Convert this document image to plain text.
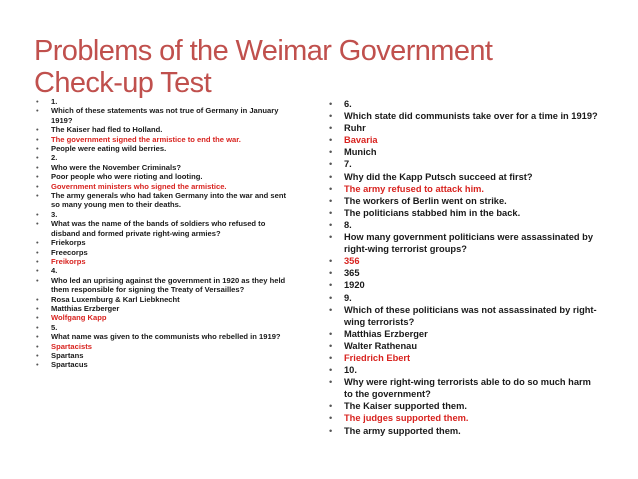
Problems of the Weimar Government
Check-up Test
• 1.
• Which of these statements was not true of Germany in January
1919?
• The Kaiser had fled to Holland.
• The government signed the armistice to end the war.
• People were eating wild berries.
• 2.
• Who were the November Criminals?
• Poor people who were rioting and looting.
• Government ministers who signed the armistice.
• The army generals who had taken Germany into the war and sent
so many young men to their deaths.
• 3.
• What was the name of the bands of soldiers who refused to
disband and formed private right-wing armies?
• Friekorps
• Freecorps
• Freikorps
• 4.
• Who led an uprising against the government in 1920 as they held
them responsible for signing the Treaty of Versailles?
• Rosa Luxemburg & Karl Liebknecht
• Matthias Erzberger
• Wolfgang Kapp
• 5.
• What name was given to the communists who rebelled in 1919?
• Spartacists
• Spartans
• Spartacus
• 6.
• Which state did communists take over for a time in 1919?
• Ruhr
• Bavaria
• Munich
• 7.
• Why did the Kapp Putsch succeed at first?
• The army refused to attack him.
• The workers of Berlin went on strike.
• The politicians stabbed him in the back.
• 8.
• How many government politicians were assassinated by
right-wing terrorist groups?
• 356
• 365
• 1920
• 9.
• Which of these politicians was not assassinated by right-
wing terrorists?
• Matthias Erzberger
• Walter Rathenau
• Friedrich Ebert
• 10.
• Why were right-wing terrorists able to do so much harm
to the government?
• The Kaiser supported them.
• The judges supported them.
• The army supported them.
